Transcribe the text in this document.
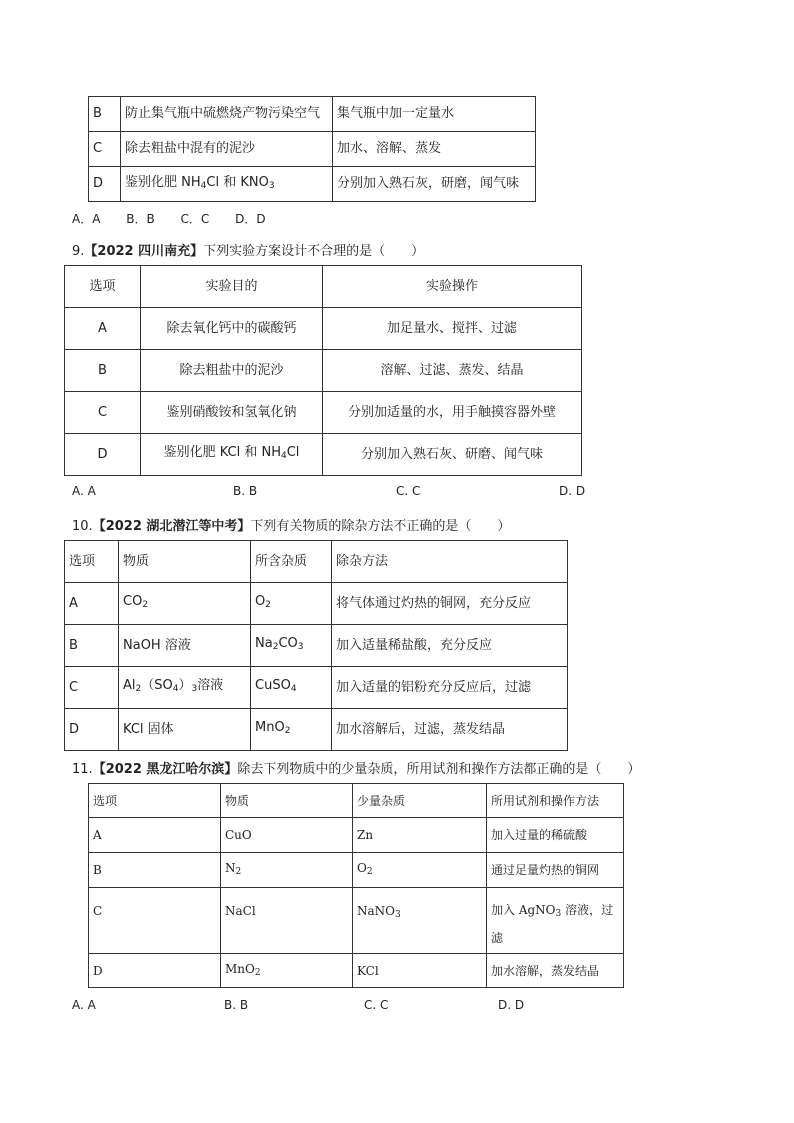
B	防止集气瓶中硫燃烧产物污染空气	集气瓶中加一定量水
C	除去粗盐中混有的泥沙	加水、溶解、蒸发
D	鉴别化肥 $NH_4Cl$ 和 $KNO_3$	分别加入熟石灰，研磨，闻气味
A．A B．B C．C D．D
9.【2022 四川南充】下列实验方案设计不合理的是（　　）
选项	实验目的	实验操作
A	除去氧化钙中的碳酸钙	加足量水、搅拌、过滤
B	除去粗盐中的泥沙	溶解、过滤、蒸发、结晶
C	鉴别硝酸铵和氢氧化钠	分别加适量的水，用手触摸容器外壁
D	鉴别化肥 KCl 和 $NH_4Cl$	分别加入熟石灰、研磨、闻气味
A. A	B. B	C. C	D. D
10.【2022 湖北潜江等中考】下列有关物质的除杂方法不正确的是（　　）
选项	物质	所含杂质	除杂方法
A	$CO_2$	$O_2$	将气体通过灼热的铜网，充分反应
B	NaOH 溶液	$Na_2CO_3$	加入适量稀盐酸，充分反应
C	$Al_2(SO_4)_3$溶液	CuSO$_4$	加入适量的铝粉充分反应后，过滤
D	KCl 固体	MnO$_2$	加水溶解后，过滤，蒸发结晶
11.【2022 黑龙江哈尔滨】除去下列物质中的少量杂质，所用试剂和操作方法都正确的是（　　）
选项	物质	少量杂质	所用试剂和操作方法
A	CuO	Zn	加入过量的稀硫酸
B	$N_2$	$O_2$	通过足量灼热的铜网
C	NaCl	NaNO$_3$	加入 AgNO$_3$ 溶液，过
滤
D	MnO$_2$	KCl	加水溶解，蒸发结晶
A. A	B. B	C. C	D. D
